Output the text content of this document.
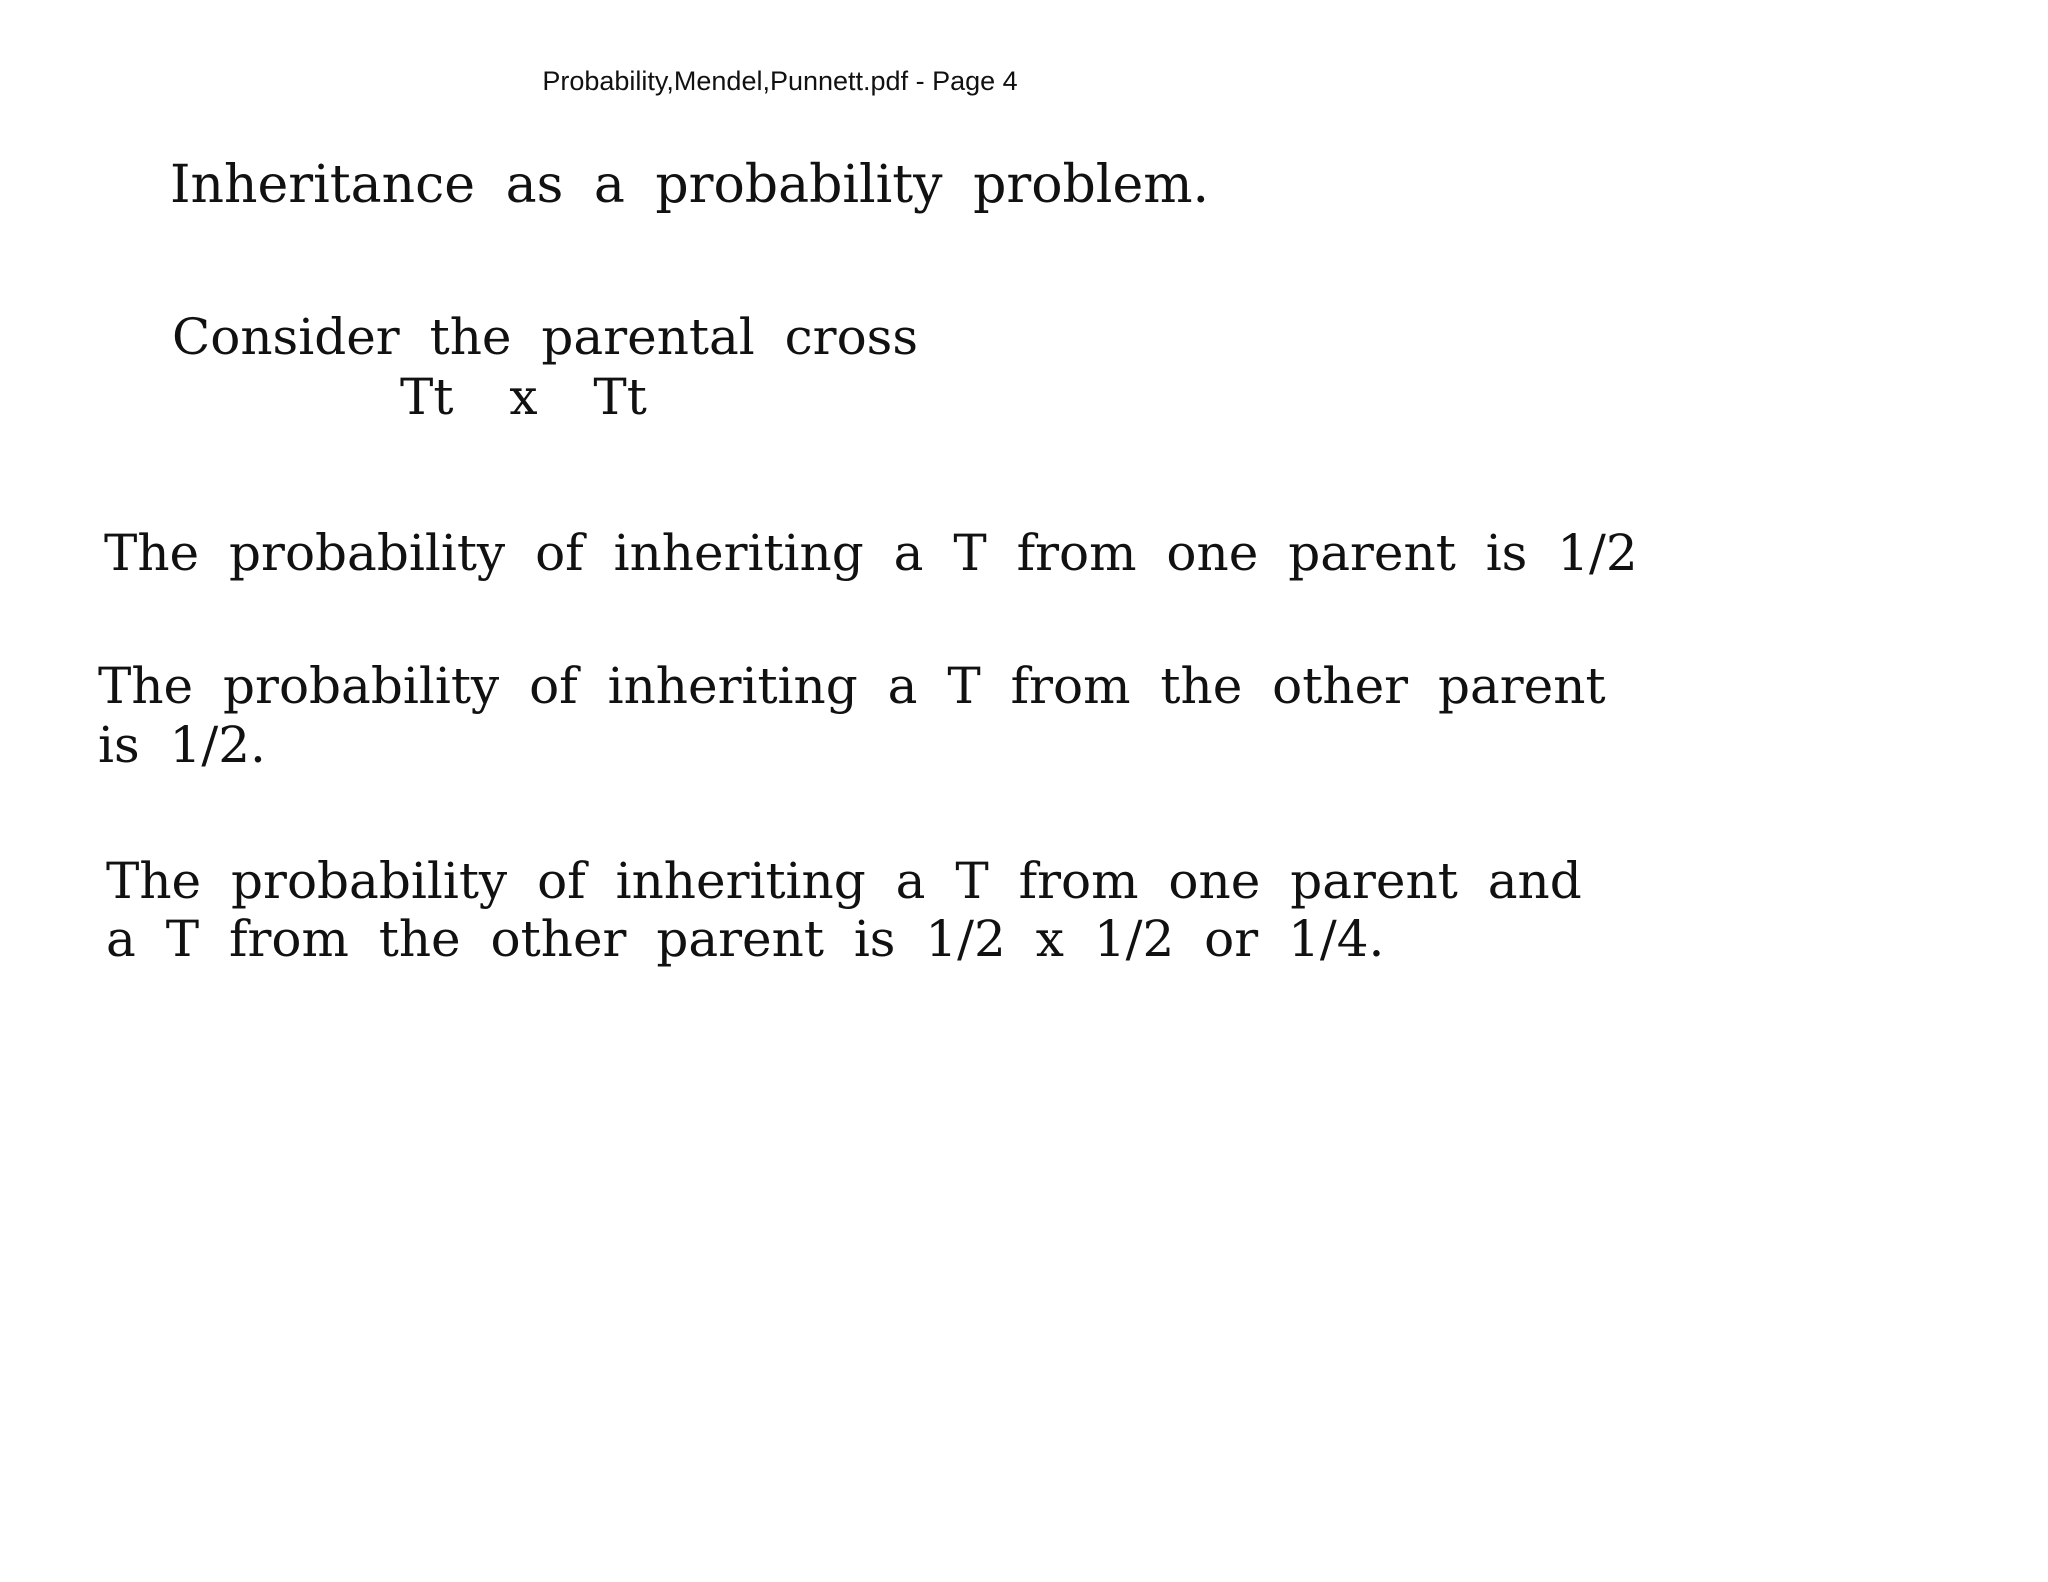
Probability,Mendel,Punnett.pdf - Page 4
Inheritance as a probability problem.
Consider the parental cross
Tt x Tt
The probability of inheriting a T from one parent is 1/2
The probability of inheriting a T from the other parent
is 1/2.
The probability of inheriting a T from one parent and
a T from the other parent is 1/2 x 1/2 or 1/4.
